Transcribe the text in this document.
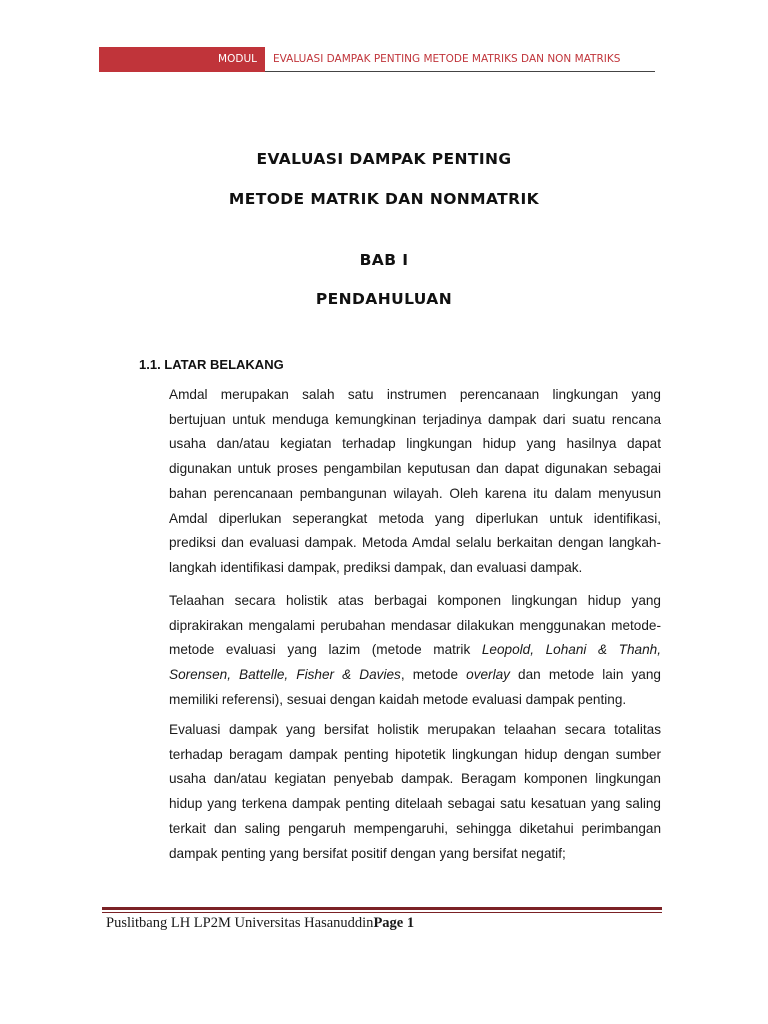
MODUL	EVALUASI DAMPAK PENTING METODE MATRIKS DAN NON MATRIKS
EVALUASI DAMPAK PENTING
METODE MATRIK DAN NONMATRIK
BAB I
PENDAHULUAN
1.1. LATAR BELAKANG
Amdal merupakan salah satu instrumen perencanaan lingkungan yang
bertujuan untuk menduga kemungkinan terjadinya dampak dari suatu rencana
usaha dan/atau kegiatan terhadap lingkungan hidup yang hasilnya dapat
digunakan untuk proses pengambilan keputusan dan dapat digunakan sebagai
bahan perencanaan pembangunan wilayah. Oleh karena itu dalam menyusun
Amdal diperlukan seperangkat metoda yang diperlukan untuk identifikasi,
prediksi dan evaluasi dampak. Metoda Amdal selalu berkaitan dengan langkah-
langkah identifikasi dampak, prediksi dampak, dan evaluasi dampak.
Telaahan secara holistik atas berbagai komponen lingkungan hidup yang
diprakirakan mengalami perubahan mendasar dilakukan menggunakan metode-
metode evaluasi yang lazim (metode matrik Leopold, Lohani & Thanh,
Sorensen, Battelle, Fisher & Davies, metode overlay dan metode lain yang
memiliki referensi), sesuai dengan kaidah metode evaluasi dampak penting.
Evaluasi dampak yang bersifat holistik merupakan telaahan secara totalitas
terhadap beragam dampak penting hipotetik lingkungan hidup dengan sumber
usaha dan/atau kegiatan penyebab dampak. Beragam komponen lingkungan
hidup yang terkena dampak penting ditelaah sebagai satu kesatuan yang saling
terkait dan saling pengaruh mempengaruhi, sehingga diketahui perimbangan
dampak penting yang bersifat positif dengan yang bersifat negatif;
Puslitbang LH LP2M Universitas HasanuddinPage 1
